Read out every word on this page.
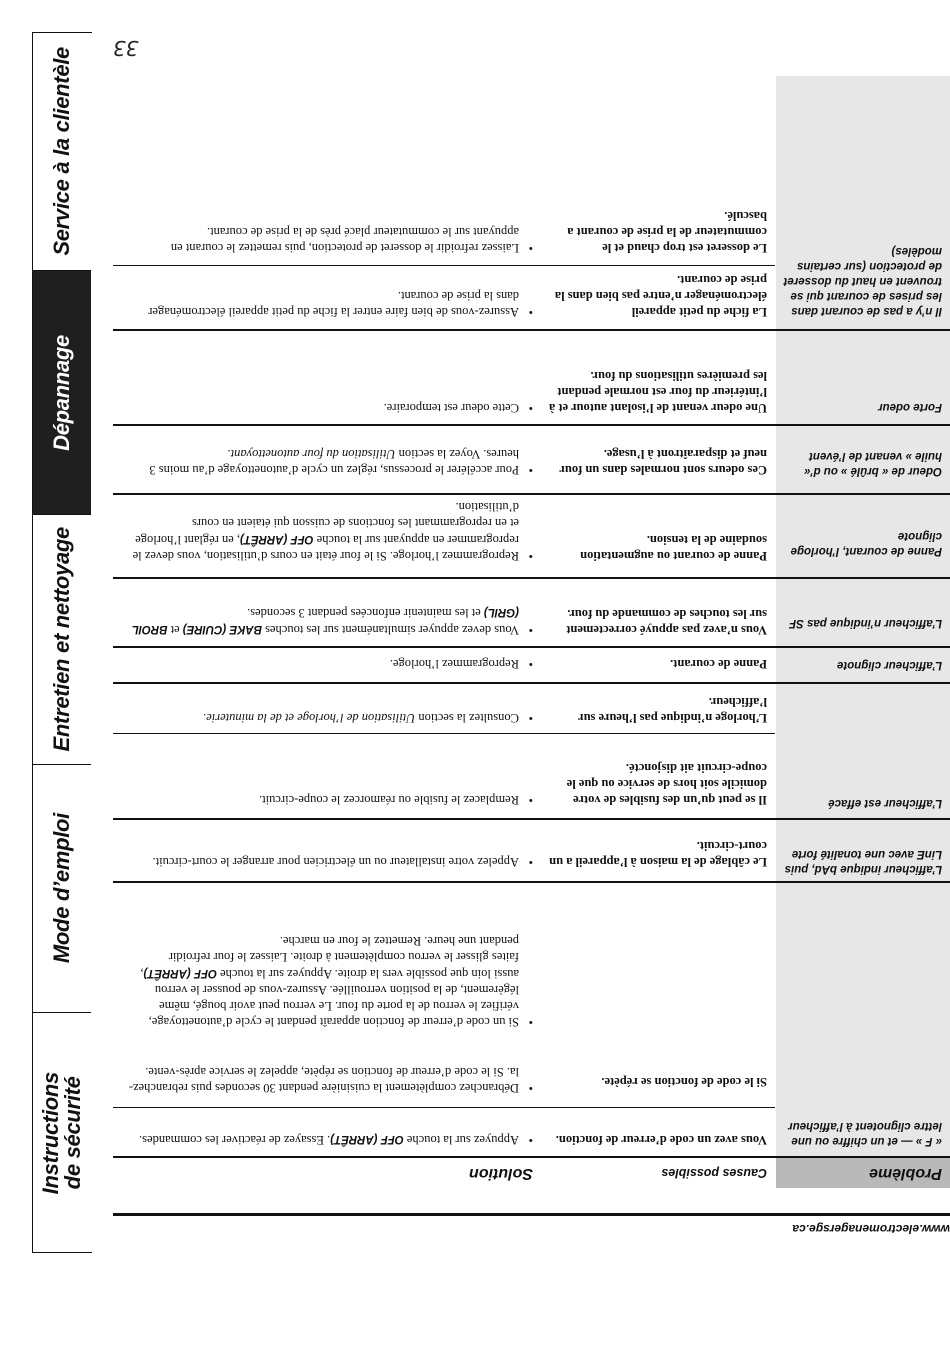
Service à la clientèle
Dépannage
Entretien et nettoyage
Mode d’emploi
Instructions
de sécurité
33
www.electromenagersge.ca
Problème
Causes possibles
Solution
« F » — et un chiffre ou une lettre clignotent à l’afficheur
Vous avez un code d’erreur de fonction.
• Appuyez sur la touche OFF (ARRÊT). Essayez de réactiver les commandes.
Si le code de fonction se répète.
• Débranchez complètement la cuisinière pendant 30 secondes puis rebranchez-la. Si le code d’erreur de fonction se répète, appelez le service après-vente.
• Si un code d’erreur de fonction apparaît pendant le cycle d’autonettoyage, vérifiez le verrou de la porte du four. Le verrou peut avoir bougé, même légèrement, de la position verrouillée. Assurez-vous de pousser le verrou aussi loin que possible vers la droite. Appuyez sur la touche OFF (ARRÊT), faites glisser le verrou complètement à droite. Laissez le four refroidir pendant une heure. Remettez le four en marche.
L’afficheur indique bAd, puis LinE avec une tonalité forte
Le câblage de la maison à l’appareil a un court-circuit.
• Appelez votre installateur ou un électricien pour arranger le court-circuit.
L’afficheur est effacé
Il se peut qu’un des fusibles de votre domicile soit hors de service ou que le coupe-circuit ait disjoncté.
• Remplacez le fusible ou réamorcez le coupe-circuit.
L’horloge n’indique pas l’heure sur l’afficheur.
• Consultez la section Utilisation de l’horloge et de la minuterie.
L’afficheur clignote
Panne de courant.
• Reprogrammez l’horloge.
L’afficheur n’indique pas SF
Vous n’avez pas appuyé correctement sur les touches de commande du four.
• Vous devez appuyer simultanément sur les touches BAKE (CUIRE) et BROIL (GRIL) et les maintenir enfoncées pendant 3 secondes.
Panne de courant, l’horloge clignote
Panne de courant ou augmentation soudaine de la tension.
• Reprogrammez l’horloge. Si le four était en cours d’utilisation, vous devez le reprogrammer en appuyant sur la touche OFF (ARRÊT), en réglant l’horloge et en reprogrammant les fonctions de cuisson qui étaient en cours d’utilisation.
Odeur de « brûlé » ou d’« huile » venant de l’évent
Ces odeurs sont normales dans un four neuf et disparaîtront à l’usage.
• Pour accélérer le processus, réglez un cycle d’autonettoyage d’au moins 3 heures. Voyez la section Utilisation du four autonettoyant.
Forte odeur
Une odeur venant de l’isolant autour et à l’intérieur du four est normale pendant les premières utilisations du four.
• Cette odeur est temporaire.
Il n’y a pas de courant dans les prises de courant qui se trouvent en haut du dosseret de protection (sur certains modèles)
La fiche du petit appareil électroménager n’entre pas bien dans la prise de courant.
• Assurez-vous de bien faire entrer la fiche du petit appareil électroménager dans la prise de courant.
Le dosseret est trop chaud et le commutateur de la prise de courant a basculé.
• Laissez refroidir le dosseret de protection, puis remettez le courant en appuyant sur le commutateur placé près de la prise de courant.
